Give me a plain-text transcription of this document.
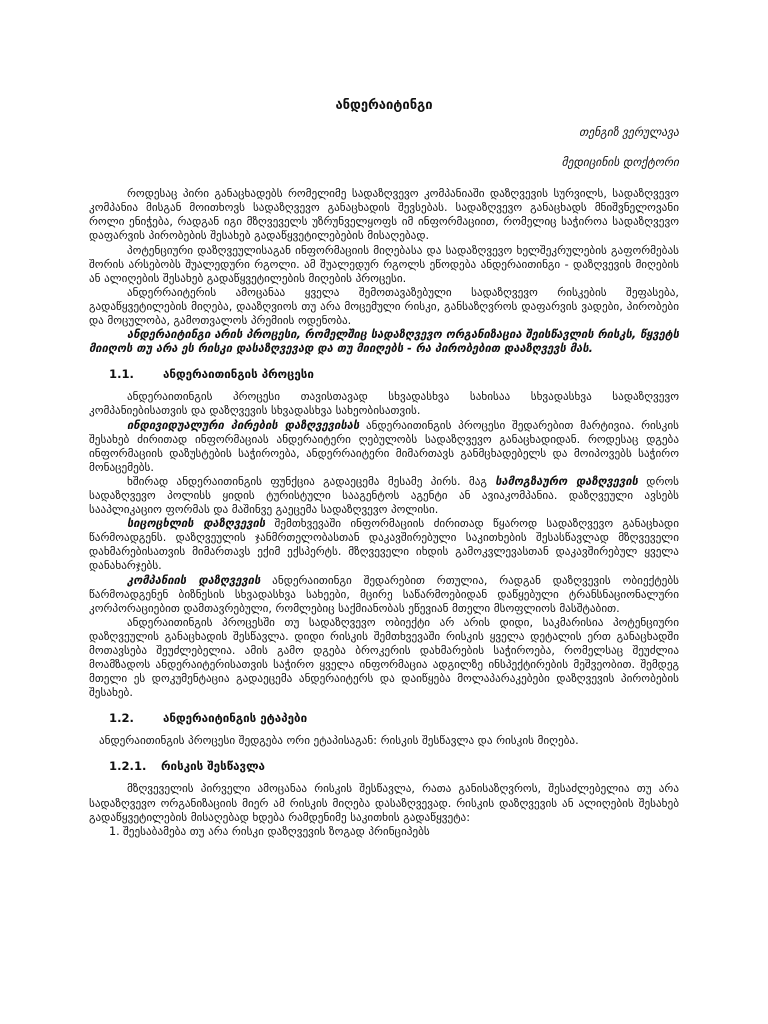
ანდერაიტინგი

თენგიზ ვერულავა

მედიცინის დოქტორი

როდესაც პირი განაცხადებს რომელიმე სადაზღვევო კომპანიაში დაზღვევის სურვილს, სადაზღვევო კომპანია მისგან მოითხოვს სადაზღვევო განაცხადის შევსებას. სადაზღვევო განაცხადს მნიშვნელოვანი როლი ენიჭება, რადგან იგი მზღვეველს უზრუნველყოფს იმ ინფორმაციით, რომელიც საჭიროა სადაზღვევო დაფარვის პირობების შესახებ გადაწყვეტილებების მისაღებად.

პოტენციური დაზღვეულისაგან ინფორმაციის მიღებასა და სადაზღვევო ხელშეკრულების გაფორმებას შორის არსებობს შუალედური რგოლი. ამ შუალედურ რგოლს ეწოდება ანდერაითინგი - დაზღვევის მიღების ან ალიღების შესახებ გადაწყვეტილების მიღების პროცესი.

ანდერრაიტერის ამოცანაა ყველა შემოთავაზებული სადაზღვევო რისკების შეფასება, გადაწყვეტილების მიღება, დააზღვიოს თუ არა მოცემული რისკი, განსაზღვროს დაფარვის ვადები, პირობები და მოცულობა, გამოთვალოს პრემიის ოდენობა.

ანდერაიტინგი არის პროცესი, რომელშიც სადაზღვევო ორგანიზაცია შეისწავლის რისკს, წყვეტს მიიღოს თუ არა ეს რისკი დასაზღვევად და თუ მიიღებს - რა პირობებით დააზღვევს მას.

1.1.	ანდერაითინგის პროცესი

ანდერაითინგის პროცესი თავისთავად სხვადასხვა სახისაა სხვადასხვა სადაზღვევო კომპანიებისათვის და დაზღვევის სხვადასხვა სახეობისათვის.

ინდივიდუალური პირების დაზღვევისას ანდერაითინგის პროცესი შედარებით მარტივია. რისკის შესახებ ძირითად ინფორმაციას ანდერაიტერი ღებულობს სადაზღვევო განაცხადიდან. როდესაც დგება ინფორმაციის დაზუსტების საჭიროება, ანდერრაიტერი მიმართავს განმცხადებელს და მოიპოვებს საჭირო მონაცემებს.

ხშირად ანდერაითინგის ფუნქცია გადაეცემა მესამე პირს. მაგ სამოგზაურო დაზღვევის დროს სადაზღვევო პოლისს ყიდის ტურისტული სააგენტოს აგენტი ან ავიაკომპანია. დაზღვეული ავსებს სააპლიკაციო ფორმას და მაშინვე გაეცემა სადაზღვევო პოლისი.

სიცოცხლის დაზღვევის შემთხვევაში ინფორმაციის ძირითად წყაროდ სადაზღვევო განაცხადი წარმოადგენს. დაზღვეულის ჯანმრთელობასთან დაკავშირებული საკითხების შესასწავლად მზღვეველი დახმარებისათვის მიმართავს ექიმ ექსპერტს. მზღვეველი იხდის გამოკვლევასთან დაკავშირებულ ყველა დანახარჯებს.

კომპანიის დაზღვევის ანდერაითინგი შედარებით რთულია, რადგან დაზღვევის ობიექტებს წარმოადგენენ ბიზნესის სხვადასხვა სახეები, მცირე საწარმოებიდან დაწყებული ტრანსნაციონალური კორპორაციებით დამთავრებული, რომლებიც საქმიანობას ეწევიან მთელი მსოფლიოს მასშტაბით.

ანდერაითინგის პროცესში თუ სადაზღვევო ობიექტი არ არის დიდი, საკმარისია პოტენციური დაზღვეულის განაცხადის შესწავლა. დიდი რისკის შემთხვევაში რისკის ყველა დეტალის ერთ განაცხადში მოთავსება შეუძლებელია. ამის გამო დგება ბროკერის დახმარების საჭიროება, რომელსაც შეუძლია მოამზადოს ანდერაიტერისათვის საჭირო ყველა ინფორმაცია ადგილზე ინსპექტირების მეშვეობით. შემდეგ მთელი ეს დოკუმენტაცია გადაეცემა ანდერაიტერს და დაიწყება მოლაპარაკებები დაზღვევის პირობების შესახებ.

1.2.	ანდერაიტინგის ეტაპები

ანდერაითინგის პროცესი შედგება ორი ეტაპისაგან: რისკის შესწავლა და რისკის მიღება.

1.2.1. რისკის შესწავლა

მზღვეველის პირველი ამოცანაა რისკის შესწავლა, რათა განისაზღვროს, შესაძლებელია თუ არა სადაზღვევო ორგანიზაციის მიერ ამ რისკის მიღება დასაზღვევად. რისკის დაზღვევის ან ალიღების შესახებ გადაწყვეტილების მისაღებად ხდება რამდენიმე საკითხის გადაწყვეტა:

1. შეესაბამება თუ არა რისკი დაზღვევის ზოგად პრინციპებს
